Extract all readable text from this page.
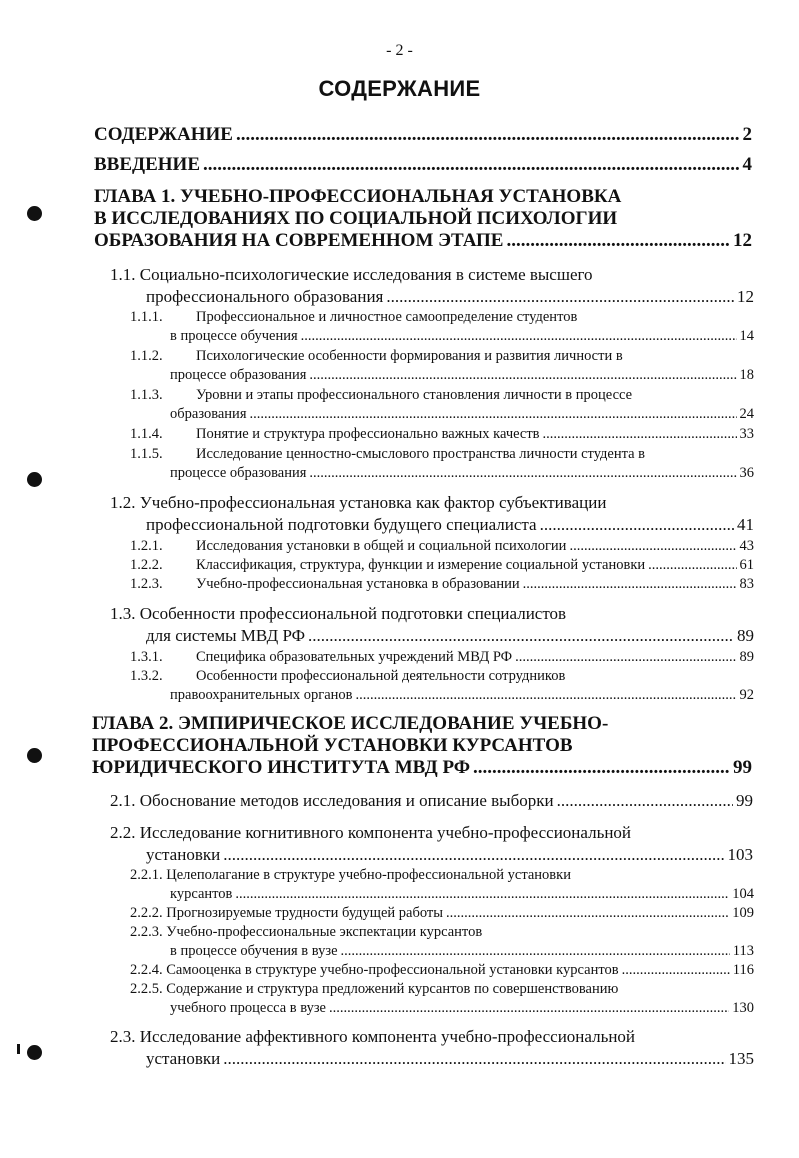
- 2 -
СОДЕРЖАНИЕ
СОДЕРЖАНИЕ .....	2
ВВЕДЕНИЕ .....	4
ГЛАВА 1. УЧЕБНО-ПРОФЕССИОНАЛЬНАЯ УСТАНОВКА
В ИССЛЕДОВАНИЯХ ПО СОЦИАЛЬНОЙ ПСИХОЛОГИИ
ОБРАЗОВАНИЯ НА СОВРЕМЕННОМ ЭТАПЕ .....	12
1.1. Социально-психологические исследования в системе высшего
профессионального образования .....	12
1.1.1. Профессиональное и личностное самоопределение студентов
в процессе обучения .....	14
1.1.2. Психологические особенности формирования и развития личности в
процессе образования .....	18
1.1.3. Уровни и этапы профессионального становления личности в процессе
образования .....	24
1.1.4. Понятие и структура профессионально важных качеств .....	33
1.1.5. Исследование ценностно-смыслового пространства личности студента в
процессе образования .....	36
1.2. Учебно-профессиональная установка как фактор субъективации
профессиональной подготовки будущего специалиста .....	41
1.2.1. Исследования установки в общей и социальной психологии .....	43
1.2.2. Классификация, структура, функции и измерение социальной установки .....	61
1.2.3. Учебно-профессиональная установка в образовании .....	83
1.3. Особенности профессиональной подготовки специалистов
для системы МВД РФ .....	89
1.3.1. Специфика образовательных учреждений МВД РФ .....	89
1.3.2. Особенности профессиональной деятельности сотрудников
правоохранительных органов .....	92
ГЛАВА 2. ЭМПИРИЧЕСКОЕ ИССЛЕДОВАНИЕ УЧЕБНО-
ПРОФЕССИОНАЛЬНОЙ УСТАНОВКИ КУРСАНТОВ
ЮРИДИЧЕСКОГО ИНСТИТУТА МВД РФ .....	99
2.1. Обоснование методов исследования и описание выборки .....	99
2.2. Исследование когнитивного компонента учебно-профессиональной
установки .....	103
2.2.1. Целеполагание в структуре учебно-профессиональной установки
курсантов .....	104
2.2.2. Прогнозируемые трудности будущей работы .....	109
2.2.3. Учебно-профессиональные экспектации курсантов
в процессе обучения в вузе .....	113
2.2.4. Самооценка в структуре учебно-профессиональной установки курсантов .....	116
2.2.5. Содержание и структура предложений курсантов по совершенствованию
учебного процесса в вузе .....	130
2.3. Исследование аффективного компонента учебно-профессиональной
установки .....	135
